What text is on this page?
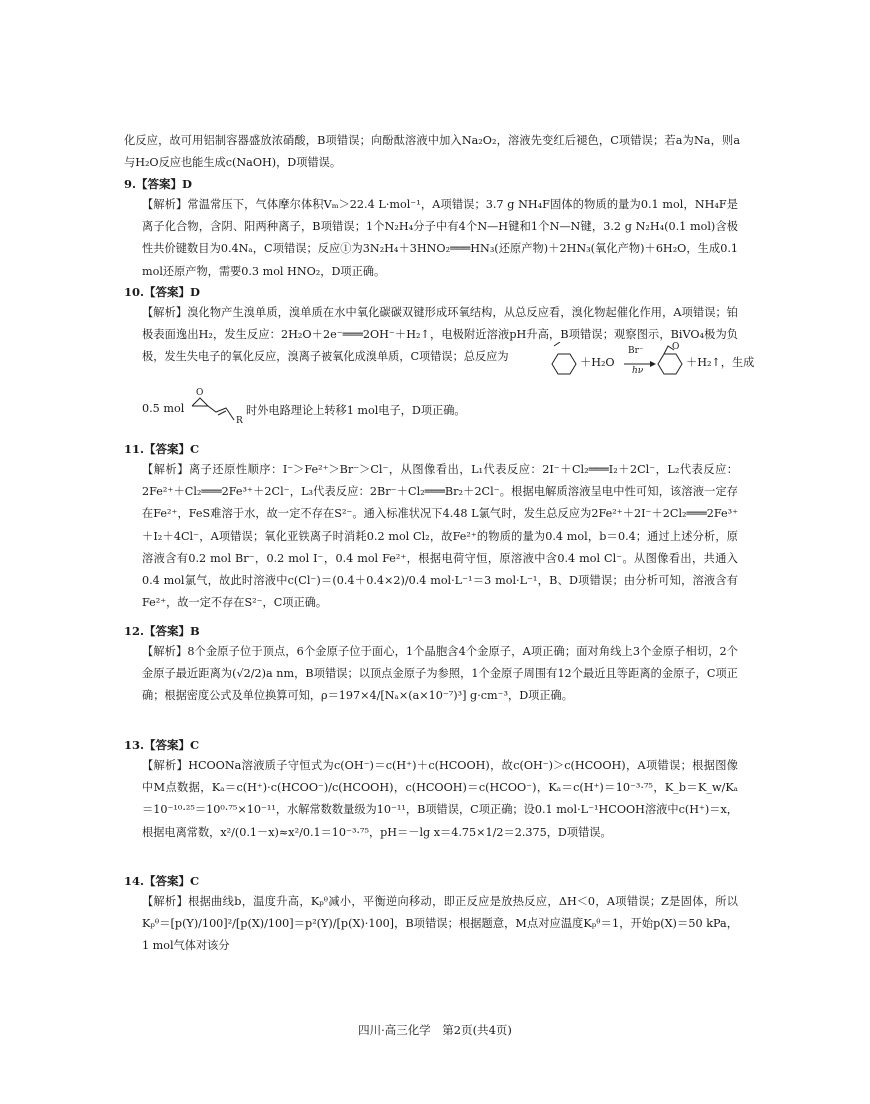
化反应，故可用铝制容器盛放浓硝酸，B项错误；向酚酞溶液中加入Na₂O₂，溶液先变红后褪色，C项错误；若a为Na，则a与H₂O反应也能生成c(NaOH)，D项错误。

9.【答案】D

【解析】常温常压下，气体摩尔体积Vₘ＞22.4 L·mol⁻¹，A项错误；3.7 g NH₄F固体的物质的量为0.1 mol，NH₄F是离子化合物，含阴、阳两种离子，B项错误；1个N₂H₄分子中有4个N—H键和1个N—N键，3.2 g N₂H₄(0.1 mol)含极性共价键数目为0.4Nₐ，C项错误；反应①为3N₂H₄＋3HNO₂═══HN₃(还原产物)＋2HN₃(氧化产物)＋6H₂O，生成0.1 mol还原产物，需要0.3 mol HNO₂，D项正确。

10.【答案】D

【解析】溴化物产生溴单质，溴单质在水中氧化碳碳双键形成环氧结构，从总反应看，溴化物起催化作用，A项错误；铂极表面逸出H₂，发生反应：2H₂O＋2e⁻═══2OH⁻＋H₂↑，电极附近溶液pH升高，B项错误；观察图示，BiVO₄极为负极，发生失电子的氧化反应，溴离子被氧化成溴单质，C项错误；总反应为	＋H₂O
Br⁻
hν
O
＋H₂↑，生成
0.5 mol
O
R
时外电路理论上转移1 mol电子，D项正确。

11.【答案】C

【解析】离子还原性顺序：I⁻＞Fe²⁺＞Br⁻＞Cl⁻，从图像看出，L₁代表反应：2I⁻＋Cl₂═══I₂＋2Cl⁻，L₂代表反应：2Fe²⁺＋Cl₂═══2Fe³⁺＋2Cl⁻，L₃代表反应：2Br⁻＋Cl₂═══Br₂＋2Cl⁻。根据电解质溶液呈电中性可知，该溶液一定存在Fe²⁺，FeS难溶于水，故一定不存在S²⁻。通入标准状况下4.48 L氯气时，发生总反应为2Fe²⁺＋2I⁻＋2Cl₂═══2Fe³⁺＋I₂＋4Cl⁻，A项错误；氧化亚铁离子时消耗0.2 mol Cl₂，故Fe²⁺的物质的量为0.4 mol，b＝0.4；通过上述分析，原溶液含有0.2 mol Br⁻，0.2 mol I⁻，0.4 mol Fe²⁺，根据电荷守恒，原溶液中含0.4 mol Cl⁻。从图像看出，共通入0.4 mol氯气，故此时溶液中c(Cl⁻)＝(0.4＋0.4×2)/0.4 mol·L⁻¹＝3 mol·L⁻¹，B、D项错误；由分析可知，溶液含有Fe²⁺，故一定不存在S²⁻，C项正确。

12.【答案】B

【解析】8个金原子位于顶点，6个金原子位于面心，1个晶胞含4个金原子，A项正确；面对角线上3个金原子相切，2个金原子最近距离为(√2/2)a nm，B项错误；以顶点金原子为参照，1个金原子周围有12个最近且等距离的金原子，C项正确；根据密度公式及单位换算可知，ρ＝197×4/[Nₐ×(a×10⁻⁷)³] g·cm⁻³，D项正确。

13.【答案】C

【解析】HCOONa溶液质子守恒式为c(OH⁻)＝c(H⁺)＋c(HCOOH)，故c(OH⁻)＞c(HCOOH)，A项错误；根据图像中M点数据，Kₐ＝c(H⁺)·c(HCOO⁻)/c(HCOOH)，c(HCOOH)＝c(HCOO⁻)，Kₐ＝c(H⁺)＝10⁻³·⁷⁵，K_b＝K_w/Kₐ＝10⁻¹⁰·²⁵＝10⁰·⁷⁵×10⁻¹¹，水解常数数量级为10⁻¹¹，B项错误，C项正确；设0.1 mol·L⁻¹HCOOH溶液中c(H⁺)＝x，根据电离常数，x²/(0.1－x)≈x²/0.1＝10⁻³·⁷⁵，pH＝－lg x＝4.75×1/2＝2.375，D项错误。

14.【答案】C

【解析】根据曲线b，温度升高，Kₚᶿ减小，平衡逆向移动，即正反应是放热反应，ΔH＜0，A项错误；Z是固体，所以Kₚᶿ＝[p(Y)/100]²/[p(X)/100]＝p²(Y)/[p(X)·100]，B项错误；根据题意，M点对应温度Kₚᶿ＝1，开始p(X)＝50 kPa，1 mol气体对该分

四川·高三化学　第2页(共4页)
